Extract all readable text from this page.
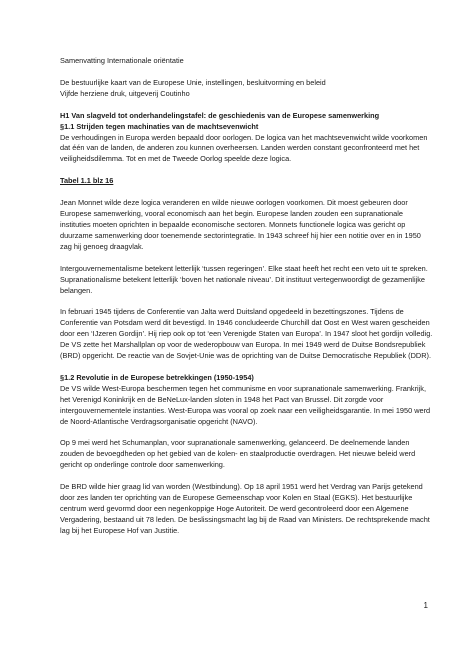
Samenvatting Internationale oriëntatie

De bestuurlijke kaart van de Europese Unie, instellingen, besluitvorming en beleid

Vijfde herziene druk, uitgeverij Coutinho

H1 Van slagveld tot onderhandelingstafel: de geschiedenis van de Europese samenwerking

§1.1 Strijden tegen machinaties van de machtsevenwicht

De verhoudingen in Europa werden bepaald door oorlogen. De logica van het machtsevenwicht wilde voorkomen dat één van de landen, de anderen zou kunnen overheersen. Landen werden constant geconfronteerd met het veiligheidsdilemma. Tot en met de Tweede Oorlog speelde deze logica.

Tabel 1.1 blz 16

Jean Monnet wilde deze logica veranderen en wilde nieuwe oorlogen voorkomen. Dit moest gebeuren door Europese samenwerking, vooral economisch aan het begin. Europese landen zouden een supranationale instituties moeten oprichten in bepaalde economische sectoren. Monnets functionele logica was gericht op duurzame samenwerking door toenemende sectorintegratie. In 1943 schreef hij hier een notitie over en in 1950 zag hij genoeg draagvlak.

Intergouvernementalisme betekent letterlijk ‘tussen regeringen’. Elke staat heeft het recht een veto uit te spreken. Supranationalisme betekent letterlijk ‘boven het nationale niveau’. Dit instituut vertegenwoordigt de gezamenlijke belangen.

In februari 1945 tijdens de Conferentie van Jalta werd Duitsland opgedeeld in bezettingszones. Tijdens de Conferentie van Potsdam werd dit bevestigd. In 1946 concludeerde Churchill dat Oost en West waren gescheiden door een ‘IJzeren Gordijn’. Hij riep ook op tot ‘een Verenigde Staten van Europa’. In 1947 sloot het gordijn volledig. De VS zette het Marshallplan op voor de wederopbouw van Europa. In mei 1949 werd de Duitse Bondsrepubliek (BRD) opgericht. De reactie van de Sovjet-Unie was de oprichting van de Duitse Democratische Republiek (DDR).

§1.2 Revolutie in de Europese betrekkingen (1950-1954)

De VS wilde West-Europa beschermen tegen het communisme en voor supranationale samenwerking. Frankrijk, het Verenigd Koninkrijk en de BeNeLux-landen sloten in 1948 het Pact van Brussel. Dit zorgde voor intergouvernementele instanties. West-Europa was vooral op zoek naar een veiligheidsgarantie. In mei 1950 werd de Noord-Atlantische Verdragsorganisatie opgericht (NAVO).

Op 9 mei werd het Schumanplan, voor supranationale samenwerking, gelanceerd. De deelnemende landen zouden de bevoegdheden op het gebied van de kolen- en staalproductie overdragen. Het nieuwe beleid werd gericht op onderlinge controle door samenwerking.

De BRD wilde hier graag lid van worden (Westbindung). Op 18 april 1951 werd het Verdrag van Parijs getekend door zes landen ter oprichting van de Europese Gemeenschap voor Kolen en Staal (EGKS). Het bestuurlijke centrum werd gevormd door een negenkoppige Hoge Autoriteit. De werd gecontroleerd door een Algemene Vergadering, bestaand uit 78 leden. De beslissingsmacht lag bij de Raad van Ministers. De rechtsprekende macht lag bij het Europese Hof van Justitie.

1
